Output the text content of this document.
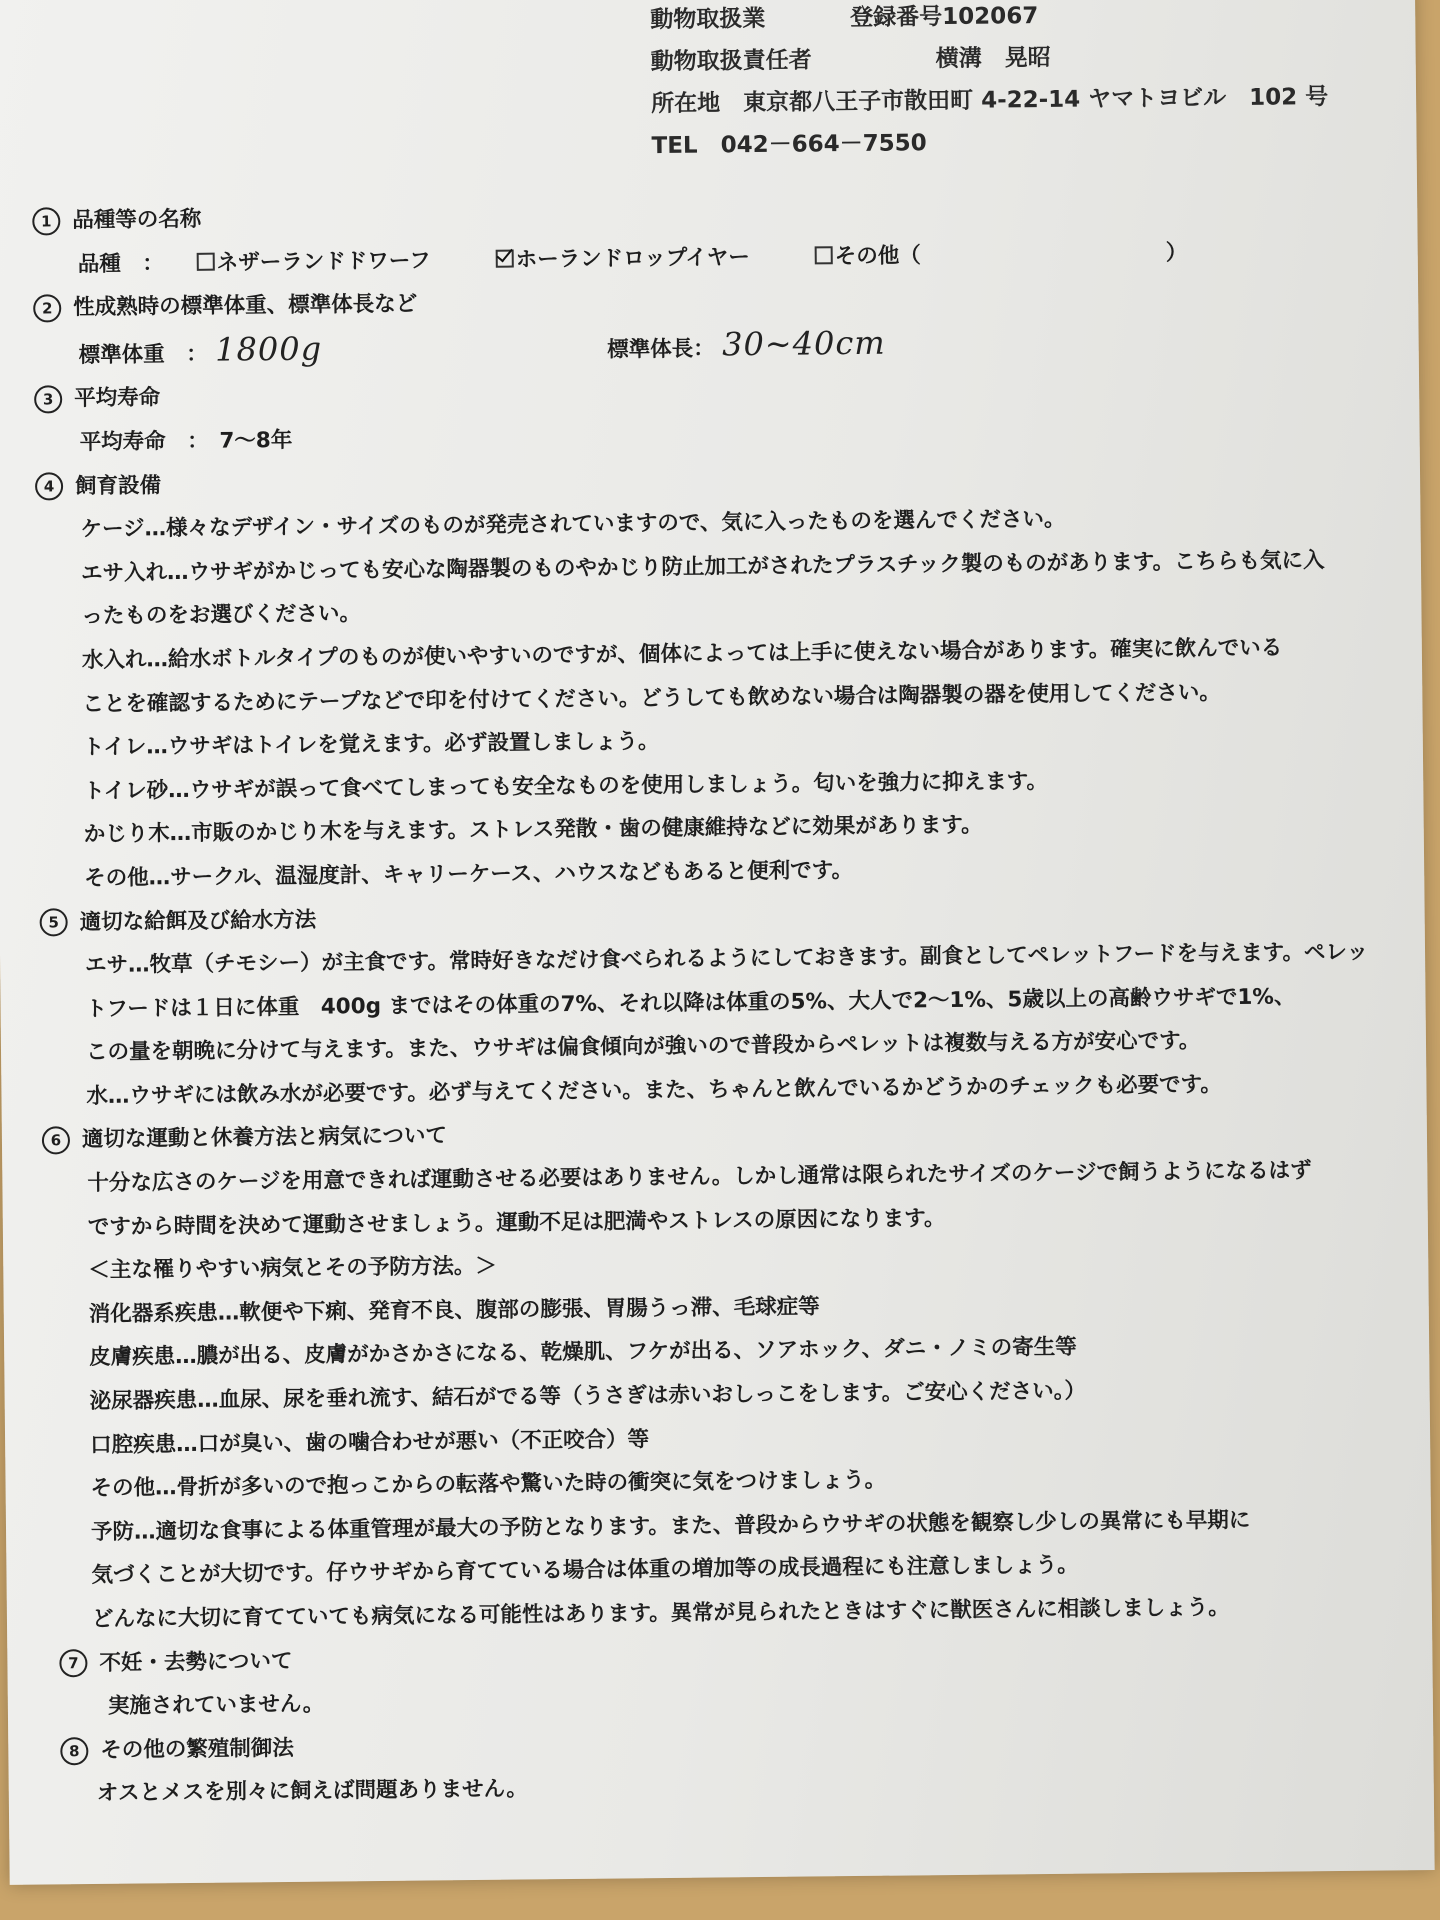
動物取扱業	登録番号102067
動物取扱責任者	横溝　晃昭
所在地 東京都八王子市散田町 4-22-14 ヤマトヨビル　102 号
TEL　042－664－7550
1 品種等の名称
品種　： ネザーランドドワーフ	ホーランドロップイヤー	その他（	）
2 性成熟時の標準体重、標準体長など
標準体重　： 1800g	標準体長： 30~40cm
3 平均寿命
平均寿命　：　7～8年
4 飼育設備
ケージ…様々なデザイン・サイズのものが発売されていますので、気に入ったものを選んでください。
エサ入れ…ウサギがかじっても安心な陶器製のものやかじり防止加工がされたプラスチック製のものがあります。こちらも気に入
ったものをお選びください。
水入れ…給水ボトルタイプのものが使いやすいのですが、個体によっては上手に使えない場合があります。確実に飲んでいる
ことを確認するためにテープなどで印を付けてください。どうしても飲めない場合は陶器製の器を使用してください。
トイレ…ウサギはトイレを覚えます。必ず設置しましょう。
トイレ砂…ウサギが誤って食べてしまっても安全なものを使用しましょう。匂いを強力に抑えます。
かじり木…市販のかじり木を与えます。ストレス発散・歯の健康維持などに効果があります。
その他…サークル、温湿度計、キャリーケース、ハウスなどもあると便利です。
5 適切な給餌及び給水方法
エサ…牧草（チモシー）が主食です。常時好きなだけ食べられるようにしておきます。副食としてペレットフードを与えます。ペレッ
トフードは１日に体重　400g まではその体重の7%、それ以降は体重の5%、大人で2～1%、5歳以上の高齢ウサギで1%、
この量を朝晩に分けて与えます。また、ウサギは偏食傾向が強いので普段からペレットは複数与える方が安心です。
水…ウサギには飲み水が必要です。必ず与えてください。また、ちゃんと飲んでいるかどうかのチェックも必要です。
6 適切な運動と休養方法と病気について
十分な広さのケージを用意できれば運動させる必要はありません。しかし通常は限られたサイズのケージで飼うようになるはず
ですから時間を決めて運動させましょう。運動不足は肥満やストレスの原因になります。
＜主な罹りやすい病気とその予防方法。＞
消化器系疾患…軟便や下痢、発育不良、腹部の膨張、胃腸うっ滞、毛球症等
皮膚疾患…膿が出る、皮膚がかさかさになる、乾燥肌、フケが出る、ソアホック、ダニ・ノミの寄生等
泌尿器疾患…血尿、尿を垂れ流す、結石がでる等（うさぎは赤いおしっこをします。ご安心ください。）
口腔疾患…口が臭い、歯の噛合わせが悪い（不正咬合）等
その他…骨折が多いので抱っこからの転落や驚いた時の衝突に気をつけましょう。
予防…適切な食事による体重管理が最大の予防となります。また、普段からウサギの状態を観察し少しの異常にも早期に
気づくことが大切です。仔ウサギから育てている場合は体重の増加等の成長過程にも注意しましょう。
どんなに大切に育てていても病気になる可能性はあります。異常が見られたときはすぐに獣医さんに相談しましょう。
7 不妊・去勢について
実施されていません。
8 その他の繁殖制御法
オスとメスを別々に飼えば問題ありません。
